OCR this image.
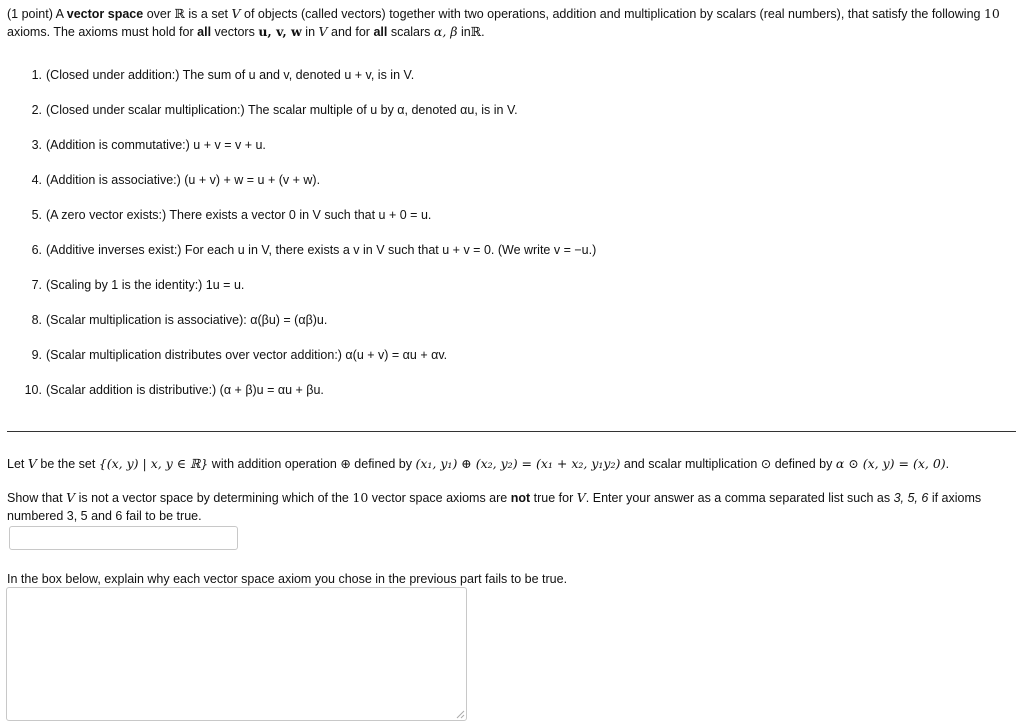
(1 point) A vector space over ℝ is a set V of objects (called vectors) together with two operations, addition and multiplication by scalars (real numbers), that satisfy the following 10 axioms. The axioms must hold for all vectors u, v, w in V and for all scalars α, β inℝ.
1. (Closed under addition:) The sum of u and v, denoted u + v, is in V.
2. (Closed under scalar multiplication:) The scalar multiple of u by α, denoted αu, is in V.
3. (Addition is commutative:) u + v = v + u.
4. (Addition is associative:) (u + v) + w = u + (v + w).
5. (A zero vector exists:) There exists a vector 0 in V such that u + 0 = u.
6. (Additive inverses exist:) For each u in V, there exists a v in V such that u + v = 0. (We write v = −u.)
7. (Scaling by 1 is the identity:) 1u = u.
8. (Scalar multiplication is associative): α(βu) = (αβ)u.
9. (Scalar multiplication distributes over vector addition:) α(u + v) = αu + αv.
10. (Scalar addition is distributive:) (α + β)u = αu + βu.
Let V be the set {(x, y) | x, y ∈ ℝ} with addition operation ⊕ defined by (x₁, y₁) ⊕ (x₂, y₂) = (x₁ + x₂, y₁y₂) and scalar multiplication ⊙ defined by α ⊙ (x, y) = (x, 0).
Show that V is not a vector space by determining which of the 10 vector space axioms are not true for V. Enter your answer as a comma separated list such as 3, 5, 6 if axioms numbered 3, 5 and 6 fail to be true.
In the box below, explain why each vector space axiom you chose in the previous part fails to be true.
